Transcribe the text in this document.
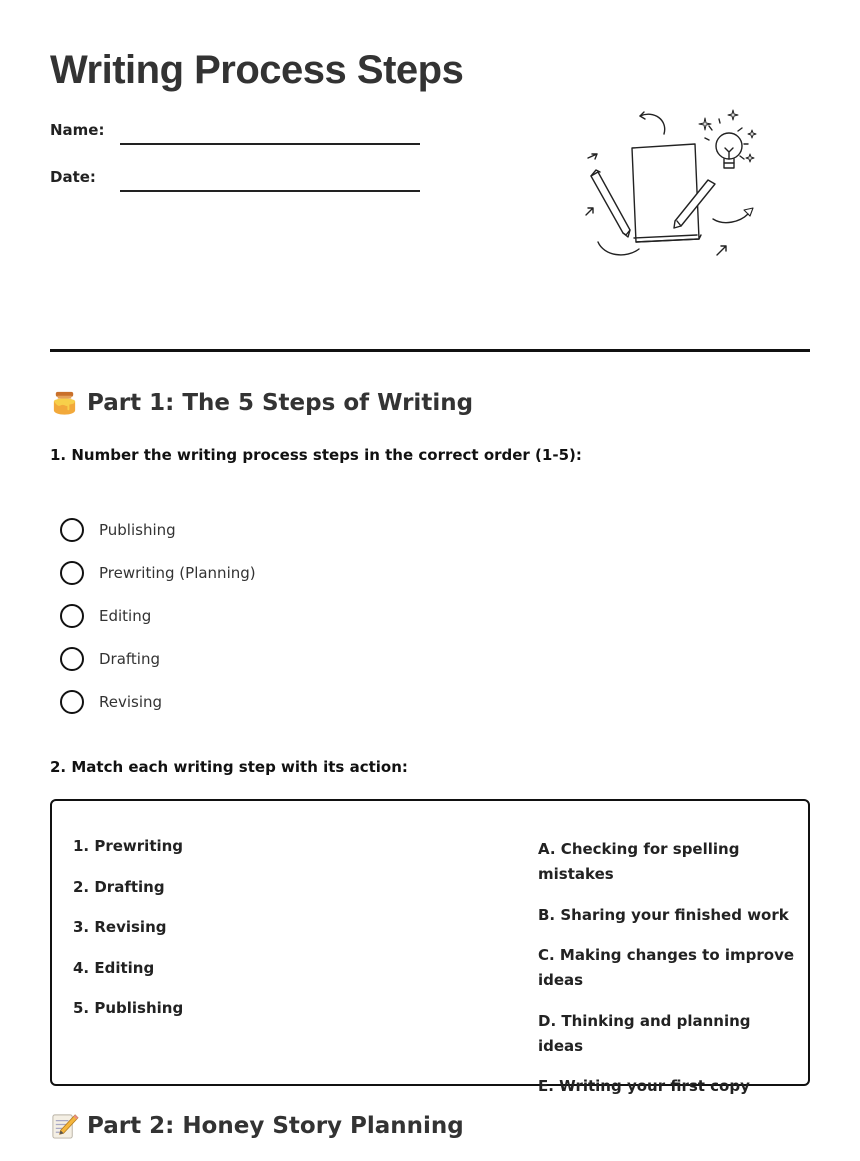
Writing Process Steps
Name:
Date:
Part 1: The 5 Steps of Writing

1. Number the writing process steps in the correct order (1-5):

Publishing
Prewriting (Planning)
Editing
Drafting
Revising

2. Match each writing step with its action:

1. Prewriting
2. Drafting
3. Revising
4. Editing
5. Publishing
A. Checking for spelling mistakes
B. Sharing your finished work
C. Making changes to improve ideas
D. Thinking and planning ideas
E. Writing your first copy
Part 2: Honey Story Planning
